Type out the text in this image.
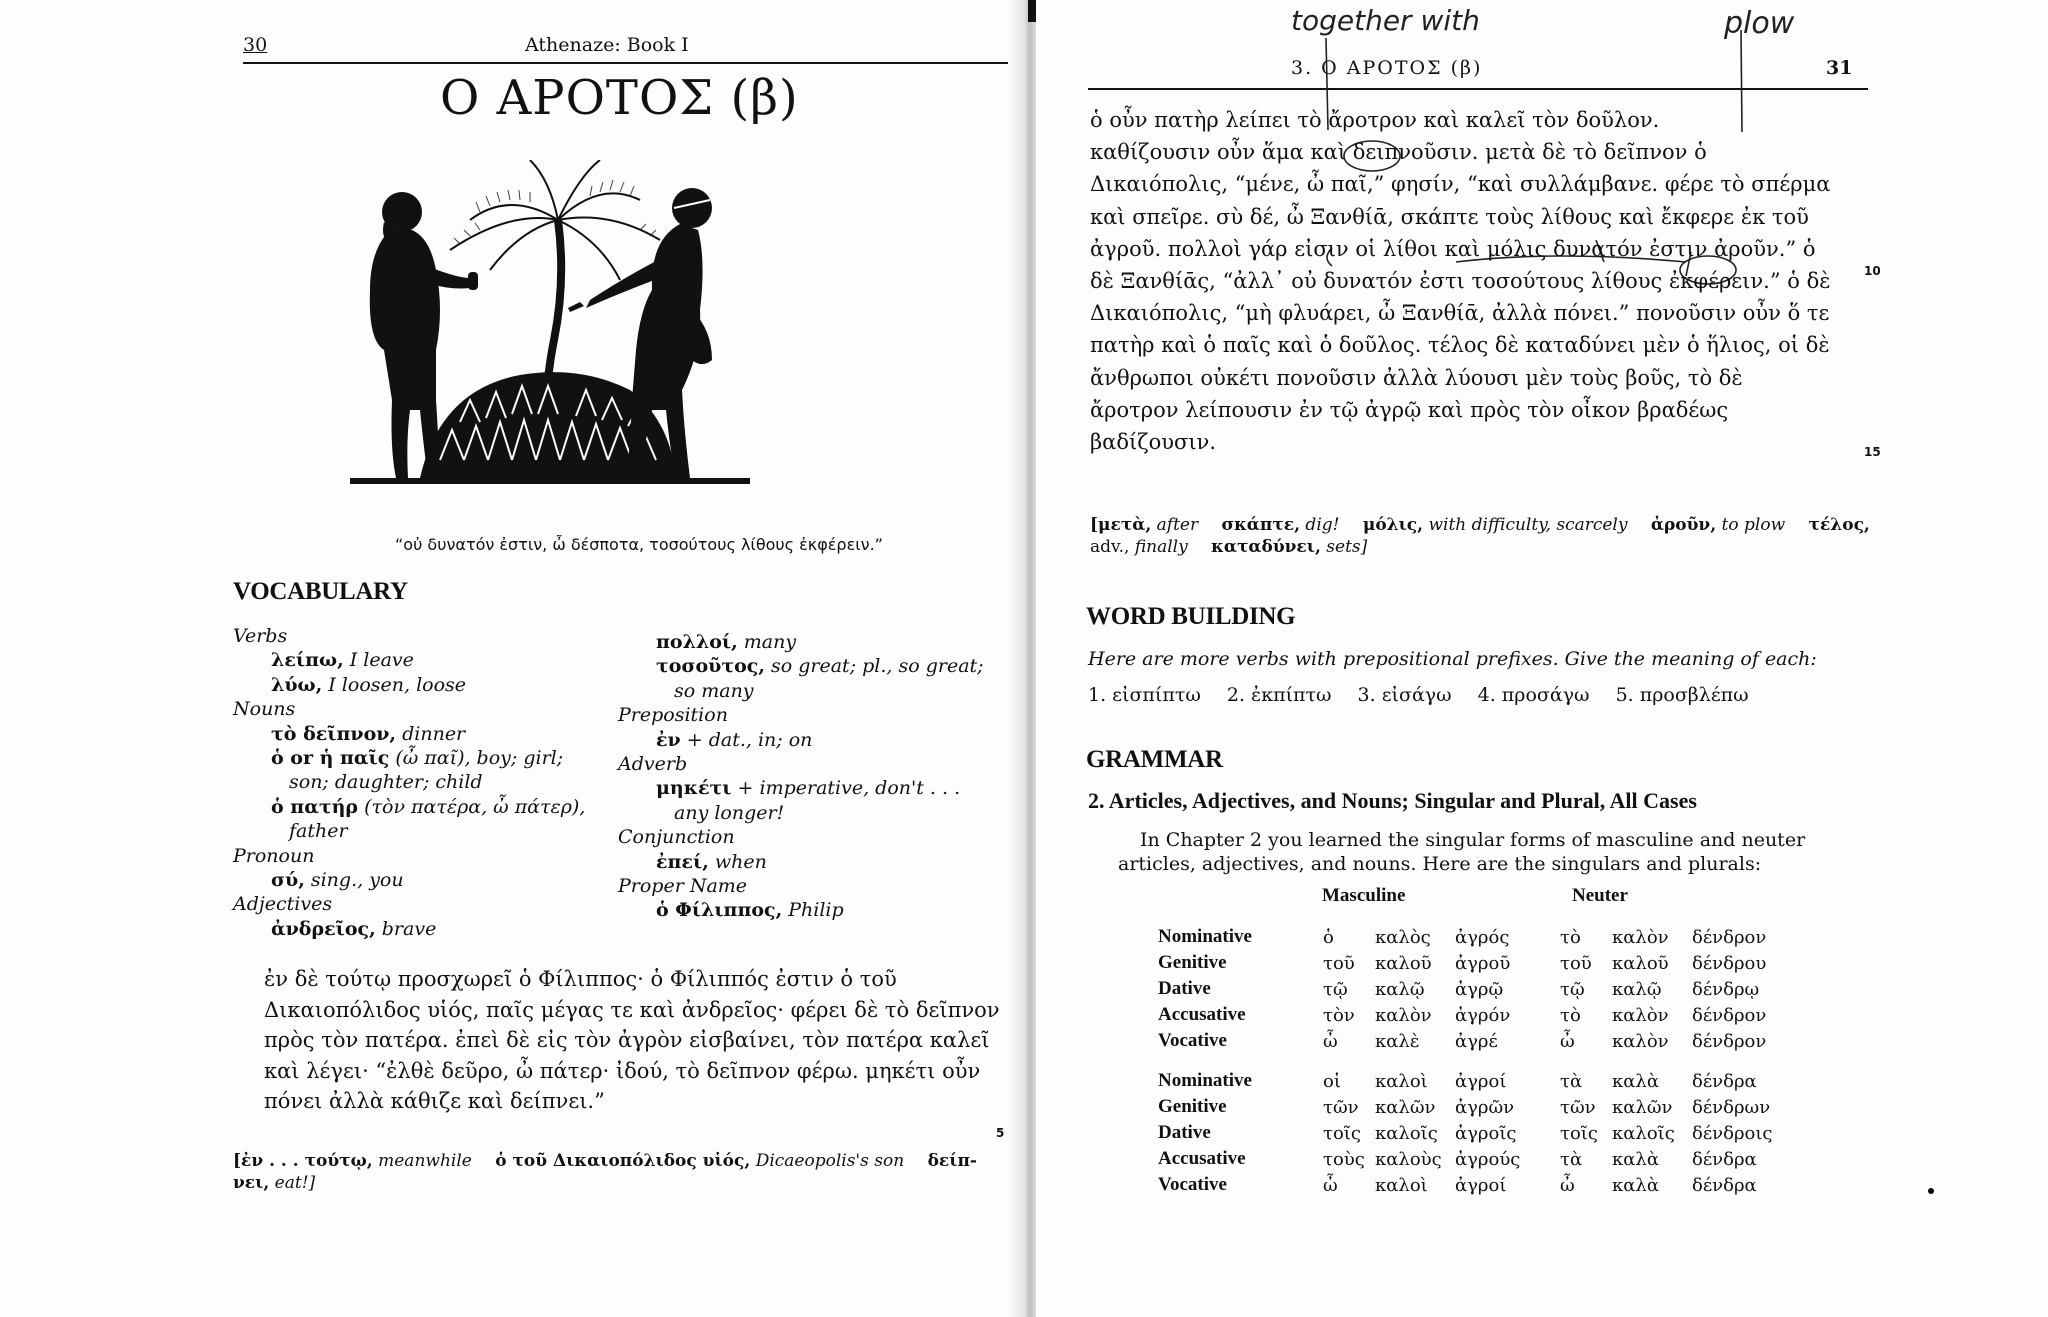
30	Athenaze: Book I
Ο ΑΡΟΤΟΣ (β)
“οὐ δυνατόν ἐστιν, ὦ δέσποτα, τοσούτους λίθους ἐκφέρειν.”
VOCABULARY
Verbs
λείπω, I leave
λύω, I loosen, loose
Nouns
τὸ δεῖπνον, dinner
ὁ or ἡ παῖς (ὦ παῖ), boy; girl;
son; daughter; child
ὁ πατήρ (τὸν πατέρα, ὦ πάτερ),
father
Pronoun
σύ, sing., you
Adjectives
ἀνδρεῖος, brave
πολλοί, many
τοσοῦτος, so great; pl., so great;
so many
Preposition
ἐν + dat., in; on
Adverb
μηκέτι + imperative, don't . . .
any longer!
Conjunction
ἐπεί, when
Proper Name
ὁ Φίλιππος, Philip
ἐν δὲ τούτῳ προσχωρεῖ ὁ Φίλιππος· ὁ Φίλιππός ἐστιν ὁ τοῦ
Δικαιοπόλιδος υἱός, παῖς μέγας τε καὶ ἀνδρεῖος· φέρει δὲ τὸ δεῖπνον
πρὸς τὸν πατέρα. ἐπεὶ δὲ εἰς τὸν ἀγρὸν εἰσβαίνει, τὸν πατέρα καλεῖ
καὶ λέγει· “ἐλθὲ δεῦρο, ὦ πάτερ· ἰδού, τὸ δεῖπνον φέρω. μηκέτι οὖν
πόνει ἀλλὰ κάθιζε καὶ δείπνει.”
5
[ἐν . . . τούτῳ, meanwhile ὁ τοῦ Δικαιοπόλιδος υἱός, Dicaeopolis's son δείπ-
νει, eat!]
together with	plow
3. Ο ΑΡΟΤΟΣ (β)	31
ὁ οὖν πατὴρ λείπει τὸ ἄροτρον καὶ καλεῖ τὸν δοῦλον.
καθίζουσιν οὖν ἅμα καὶ δειπνοῦσιν. μετὰ δὲ τὸ δεῖπνον ὁ
Δικαιόπολις, “μένε, ὦ παῖ,” φησίν, “καὶ συλλάμβανε. φέρε τὸ σπέρμα
καὶ σπεῖρε. σὺ δέ, ὦ Ξανθίᾱ, σκάπτε τοὺς λίθους καὶ ἔκφερε ἐκ τοῦ
ἀγροῦ. πολλοὶ γάρ εἰσιν οἱ λίθοι καὶ μόλις δυνατόν ἐστιν ἀροῦν.” ὁ
δὲ Ξανθίᾱς, “ἀλλ᾽ οὐ δυνατόν ἐστι τοσούτους λίθους ἐκφέρειν.” ὁ δὲ
Δικαιόπολις, “μὴ φλυάρει, ὦ Ξανθίᾱ, ἀλλὰ πόνει.” πονοῦσιν οὖν ὅ τε
πατὴρ καὶ ὁ παῖς καὶ ὁ δοῦλος. τέλος δὲ καταδύνει μὲν ὁ ἥλιος, οἱ δὲ
ἄνθρωποι οὐκέτι πονοῦσιν ἀλλὰ λύουσι μὲν τοὺς βοῦς, τὸ δὲ
ἄροτρον λείπουσιν ἐν τῷ ἀγρῷ καὶ πρὸς τὸν οἶκον βραδέως
βαδίζουσιν.
10
15
[μετὰ, after σκάπτε, dig! μόλις, with difficulty, scarcely ἀροῦν, to plow τέλος,
adv., finally καταδύνει, sets]
WORD BUILDING
Here are more verbs with prepositional prefixes. Give the meaning of each:
1. εἰσπίπτω 2. ἐκπίπτω 3. εἰσάγω 4. προσάγω 5. προσβλέπω
GRAMMAR
2. Articles, Adjectives, and Nouns; Singular and Plural, All Cases
In Chapter 2 you learned the singular forms of masculine and neuter
articles, adjectives, and nouns. Here are the singulars and plurals:
Masculine	Neuter
Nominative	ὁ	καλὸς	ἀγρός	τὸ	καλὸν	δένδρον
Genitive	τοῦ	καλοῦ	ἀγροῦ	τοῦ	καλοῦ	δένδρου
Dative	τῷ	καλῷ	ἀγρῷ	τῷ	καλῷ	δένδρῳ
Accusative	τὸν	καλὸν	ἀγρόν	τὸ	καλὸν	δένδρον
Vocative	ὦ	καλὲ	ἀγρέ	ὦ	καλὸν	δένδρον

Nominative	οἱ	καλοὶ	ἀγροί	τὰ	καλὰ	δένδρα
Genitive	τῶν	καλῶν	ἀγρῶν	τῶν	καλῶν	δένδρων
Dative	τοῖς	καλοῖς	ἀγροῖς	τοῖς	καλοῖς	δένδροις
Accusative	τοὺς	καλοὺς	ἀγρούς	τὰ	καλὰ	δένδρα
Vocative	ὦ	καλοὶ	ἀγροί	ὦ	καλὰ	δένδρα
